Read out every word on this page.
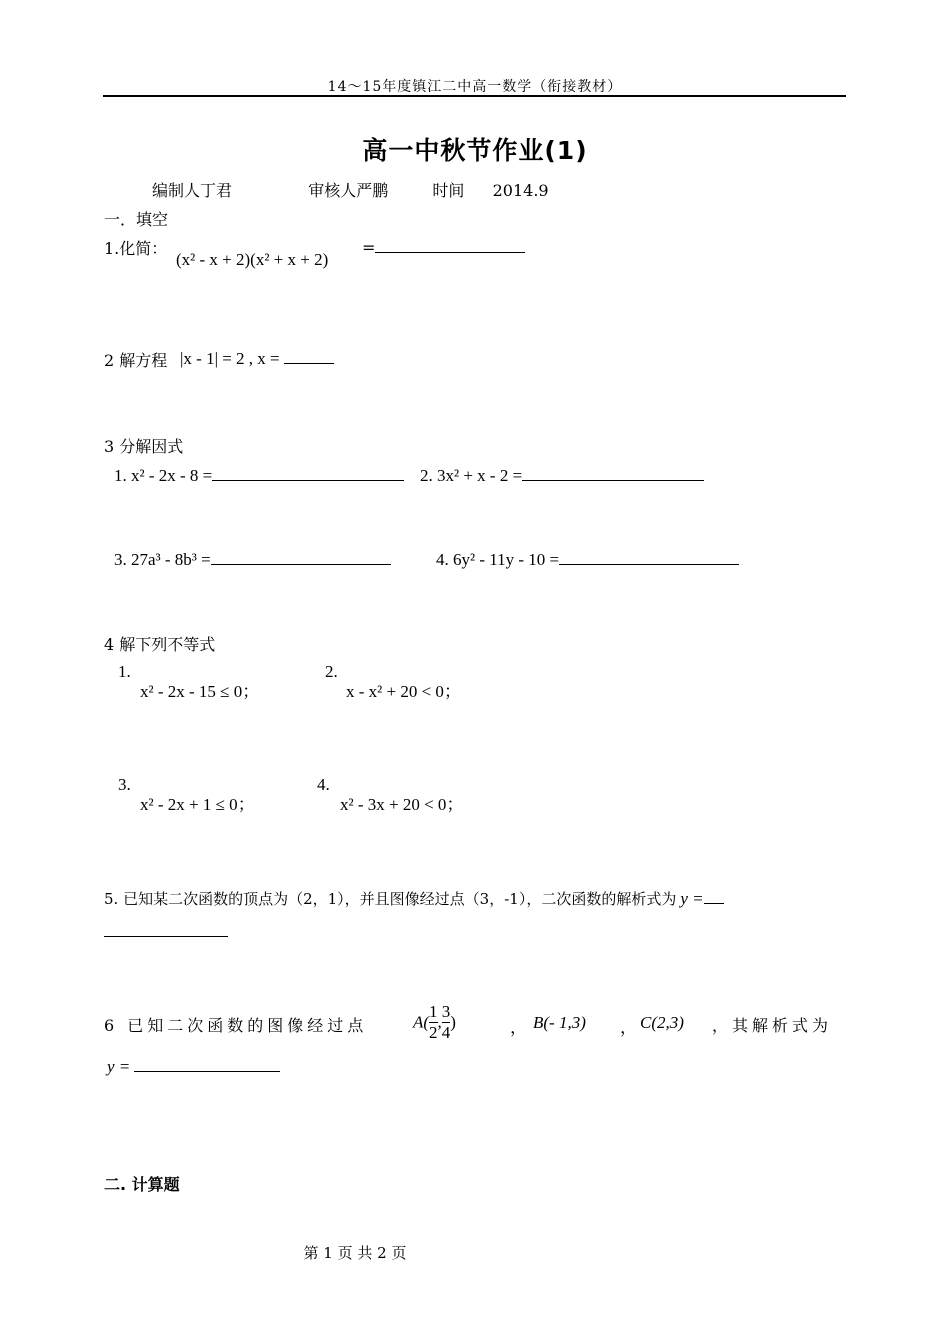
14～15年度镇江二中高一数学（衔接教材）
高一中秋节作业(1)
编制人丁君	审核人严鹏	时间 2014.9
一．填空
1.化简：
(x² - x + 2)(x² + x + 2)
=
2 解方程 |x - 1| = 2 , x =
3 分解因式
1. x² - 2x - 8 =	2. 3x² + x - 2 =
3. 27a³ - 8b³ =	4. 6y² - 11y - 10 =
4 解下列不等式
1.
x² - 2x - 15 ≤ 0；
2.
x - x² + 20 < 0；
3.
x² - 2x + 1 ≤ 0；
4.
x² - 3x + 20 < 0；
5. 已知某二次函数的顶点为（2，1），并且图像经过点（3，-1），二次函数的解析式为 y =
6 已知二次函数的图像经过点	$A( \frac{1}{2}$ , $\frac{3}{4}$ )	， B(- 1,3) ， C(2,3) ，其解析式为
y =
二. 计算题
第 1 页 共 2 页
